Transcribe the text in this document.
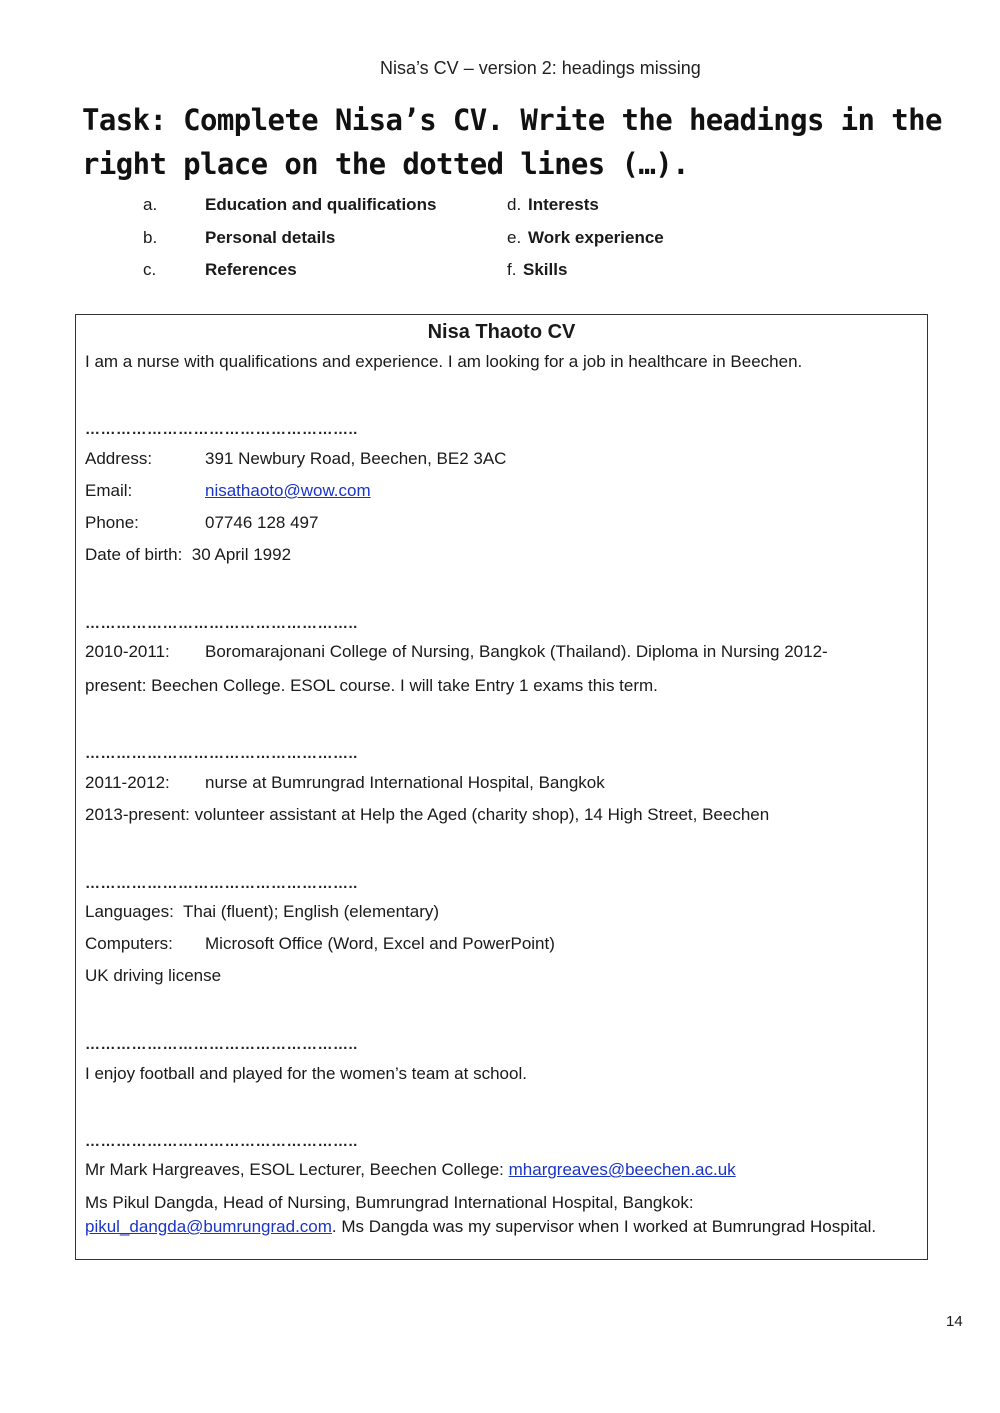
Nisa’s CV – version 2: headings missing
Task: Complete Nisa’s CV. Write the headings in the right place on the dotted lines (…).
a.	Education and qualifications
b.	Personal details
c.	References
d. Interests
e. Work experience
f. Skills
Nisa Thaoto CV
I am a nurse with qualifications and experience. I am looking for a job in healthcare in Beechen.
……………………………………………..
Address:	391 Newbury Road, Beechen, BE2 3AC
Email:	nisathaoto@wow.com
Phone:	07746 128 497
Date of birth: 30 April 1992
……………………………………………..
2010-2011: Boromarajonani College of Nursing, Bangkok (Thailand). Diploma in Nursing 2012-
present: Beechen College. ESOL course. I will take Entry 1 exams this term.
……………………………………………..
2011-2012: nurse at Bumrungrad International Hospital, Bangkok
2013-present: volunteer assistant at Help the Aged (charity shop), 14 High Street, Beechen
……………………………………………..
Languages: Thai (fluent); English (elementary)
Computers: Microsoft Office (Word, Excel and PowerPoint)
UK driving license
……………………………………………..
I enjoy football and played for the women’s team at school.
……………………………………………..
Mr Mark Hargreaves, ESOL Lecturer, Beechen College: mhargreaves@beechen.ac.uk
Ms Pikul Dangda, Head of Nursing, Bumrungrad International Hospital, Bangkok:
pikul_dangda@bumrungrad.com. Ms Dangda was my supervisor when I worked at Bumrungrad Hospital.
14
